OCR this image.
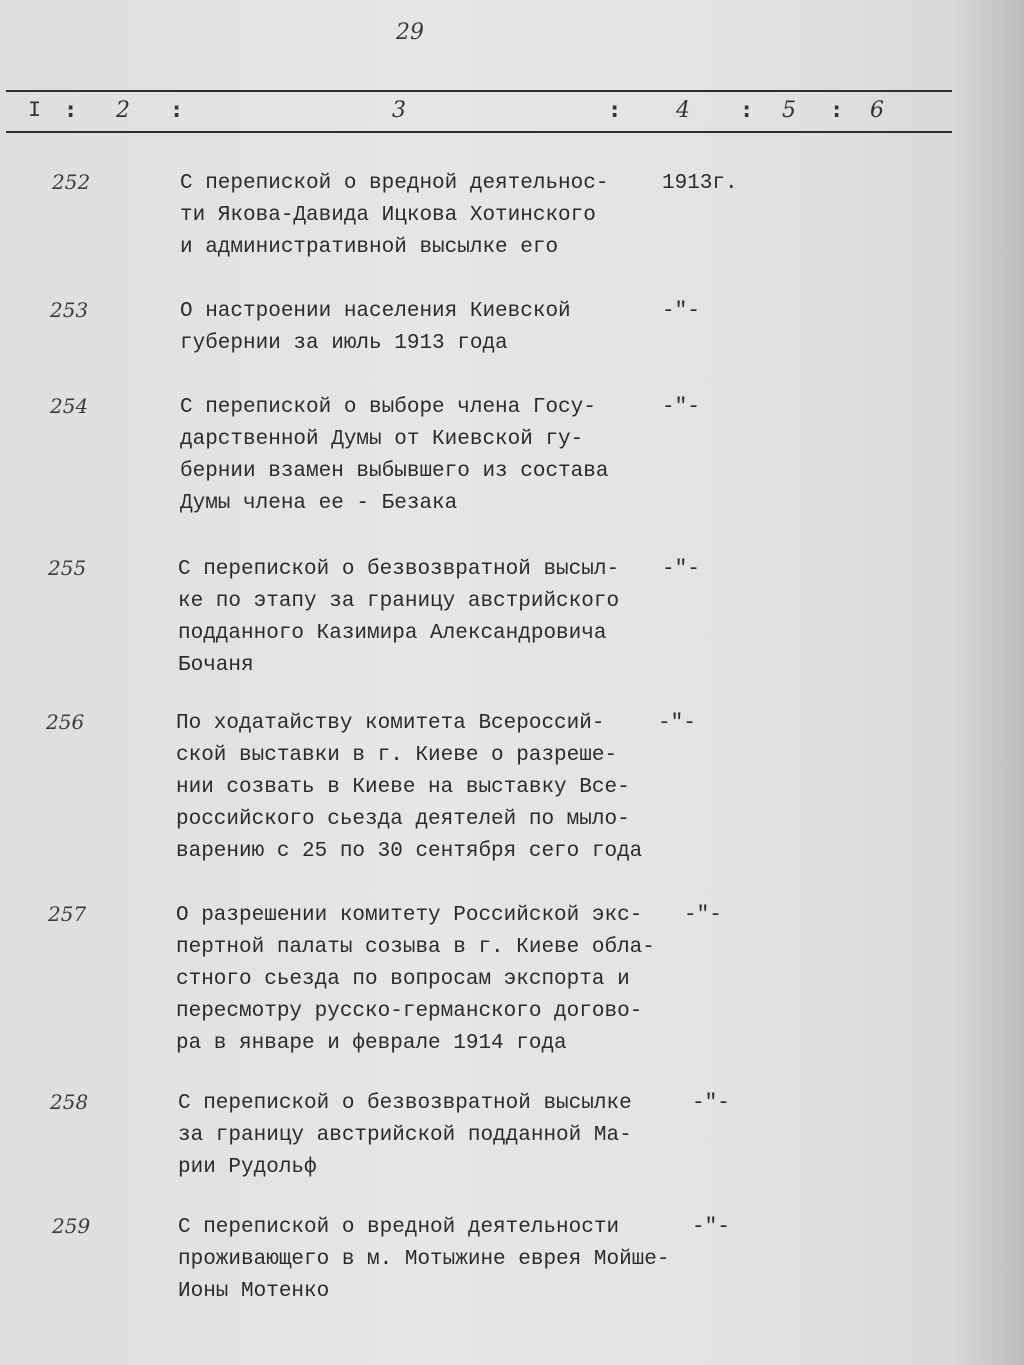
29
I : 2 :	3	: 4 : 5 : 6
252	С перепиской о вредной деятельнос-
ти Якова-Давида Ицкова Хотинского
и административной высылке его
1913г.
253	О настроении населения Киевской
губернии за июль 1913 года
-"-
254	С перепиской о выборе члена Госу-
дарственной Думы от Киевской гу-
бернии взамен выбывшего из состава
Думы члена ее - Безака
-"-
255	С перепиской о безвозвратной высыл-
ке по этапу за границу австрийского
подданного Казимира Александровича
Бочаня
-"-
256	По ходатайству комитета Всероссий-
ской выставки в г. Киеве о разреше-
нии созвать в Киеве на выставку Все-
российского сьезда деятелей по мыло-
варению с 25 по 30 сентября сего года
-"-
257	О разрешении комитету Российской экс-
пертной палаты созыва в г. Киеве обла-
стного сьезда по вопросам экспорта и
пересмотру русско-германского догово-
ра в январе и феврале 1914 года
-"-
258	С перепиской о безвозвратной высылке
за границу австрийской подданной Ма-
рии Рудольф
-"-
259	С перепиской о вредной деятельности
проживающего в м. Мотыжине еврея Мойше-
Ионы Мотенко
-"-
